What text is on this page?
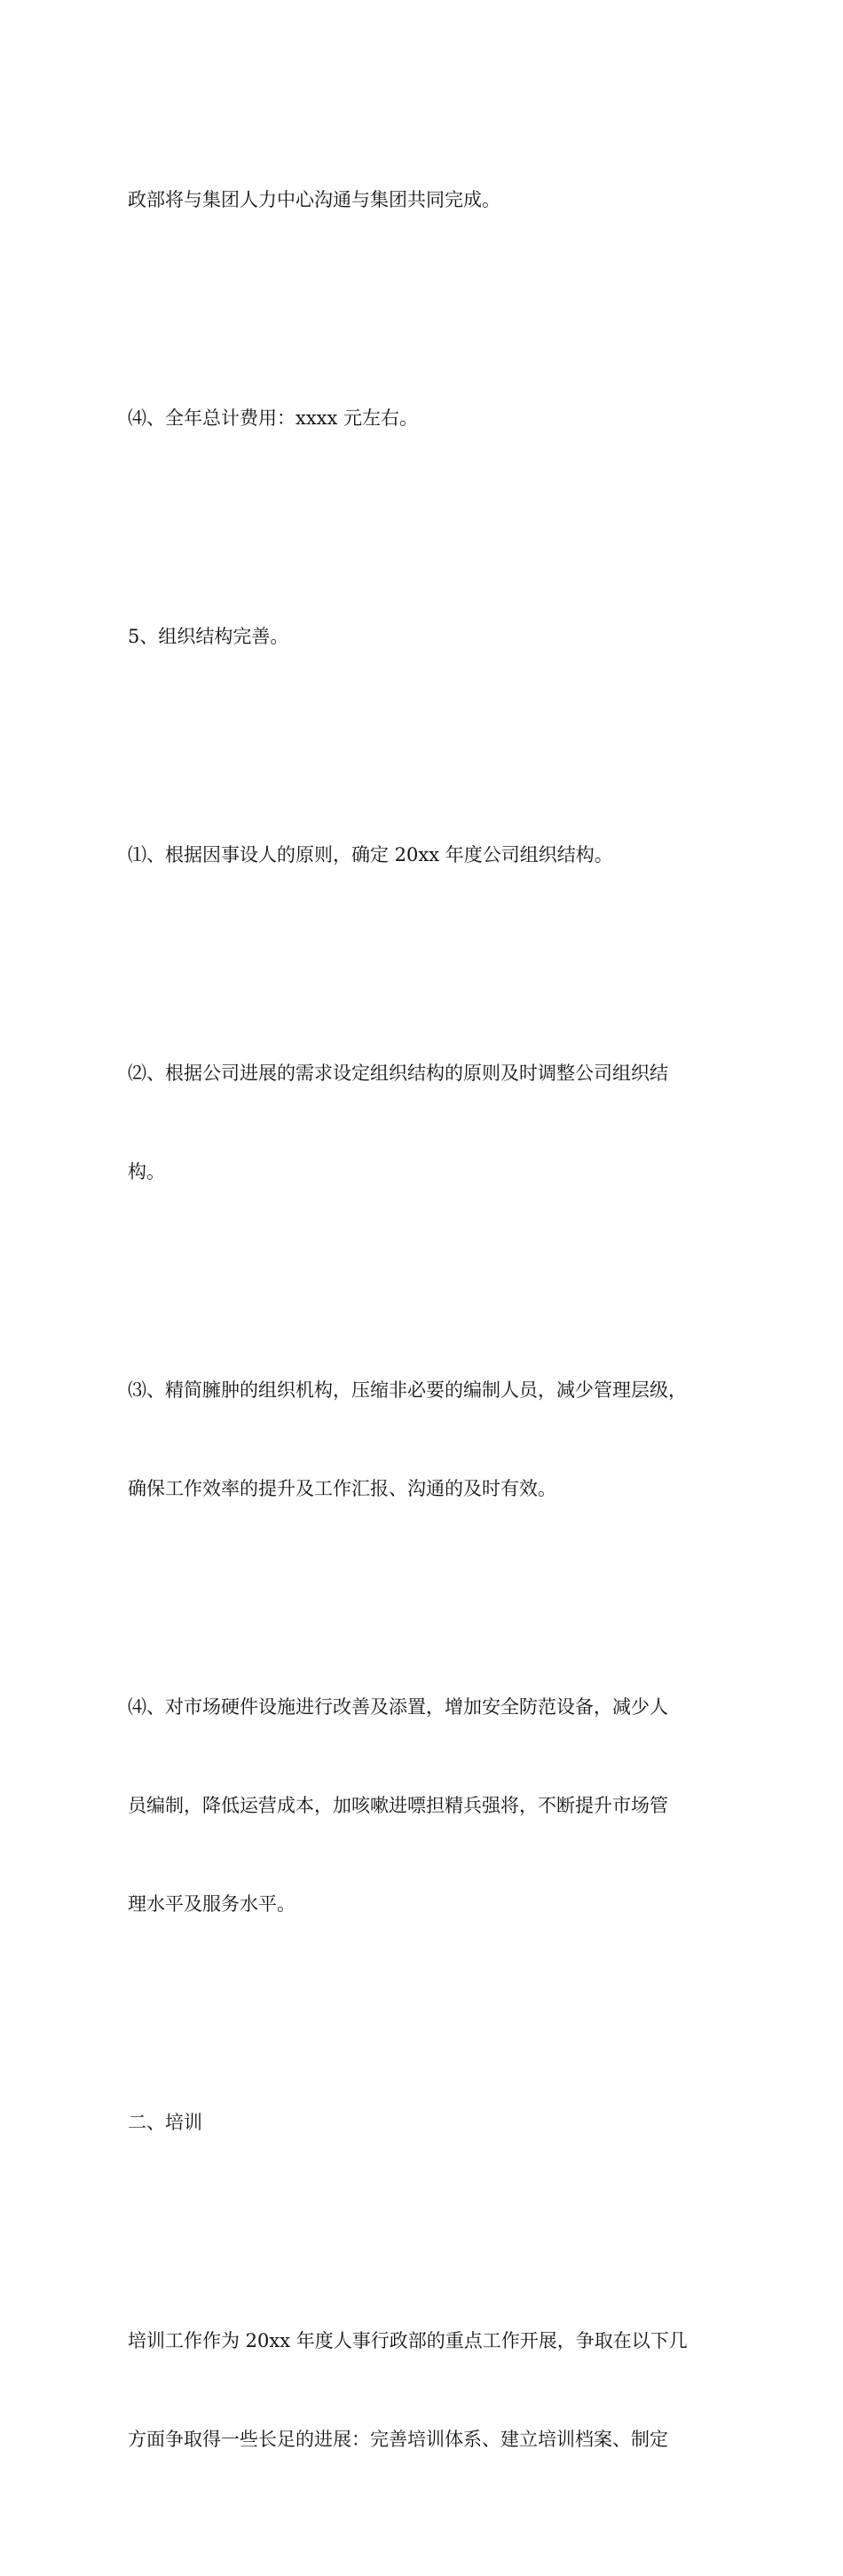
政部将与集团人力中心沟通与集团共同完成。

⑷、全年总计费用：xxxx 元左右。

5、组织结构完善。

⑴、根据因事设人的原则，确定 20xx 年度公司组织结构。

⑵、根据公司进展的需求设定组织结构的原则及时调整公司组织结

构。

⑶、精简臃肿的组织机构，压缩非必要的编制人员，减少管理层级，

确保工作效率的提升及工作汇报、沟通的及时有效。

⑷、对市场硬件设施进行改善及添置，增加安全防范设备，减少人

员编制，降低运营成本，加咳嗽进嘌担精兵强将，不断提升市场管

理水平及服务水平。

二、培训

培训工作作为 20xx 年度人事行政部的重点工作开展，争取在以下几

方面争取得一些长足的进展：完善培训体系、建立培训档案、制定
